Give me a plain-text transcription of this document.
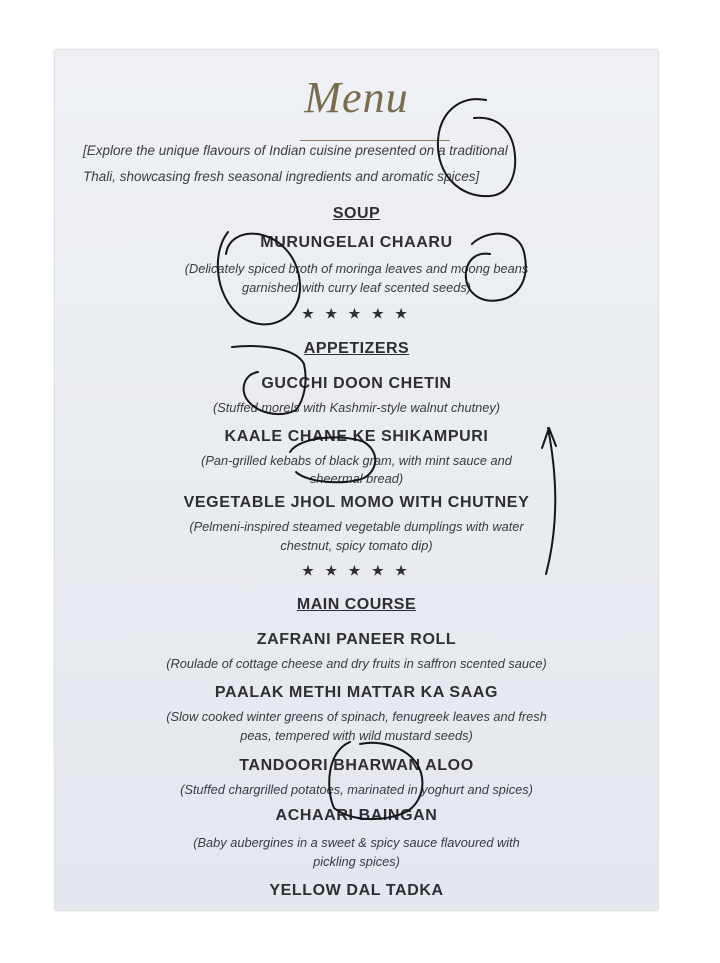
Menu
[Explore the unique flavours of Indian cuisine presented on a traditional
Thali, showcasing fresh seasonal ingredients and aromatic spices]
SOUP
MURUNGELAI CHAARU
(Delicately spiced broth of moringa leaves and moong beans
garnished with curry leaf scented seeds)
★ ★ ★ ★ ★
APPETIZERS
GUCCHI DOON CHETIN
(Stuffed morels with Kashmir-style walnut chutney)
KAALE CHANE KE SHIKAMPURI
(Pan-grilled kebabs of black gram, with mint sauce and
sheermal bread)
VEGETABLE JHOL MOMO WITH CHUTNEY
(Pelmeni-inspired steamed vegetable dumplings with water
chestnut, spicy tomato dip)
★ ★ ★ ★ ★
MAIN COURSE
ZAFRANI PANEER ROLL
(Roulade of cottage cheese and dry fruits in saffron scented sauce)
PAALAK METHI MATTAR KA SAAG
(Slow cooked winter greens of spinach, fenugreek leaves and fresh
peas, tempered with wild mustard seeds)
TANDOORI BHARWAN ALOO
(Stuffed chargrilled potatoes, marinated in yoghurt and spices)
ACHAARI BAINGAN
(Baby aubergines in a sweet & spicy sauce flavoured with
pickling spices)
YELLOW DAL TADKA
